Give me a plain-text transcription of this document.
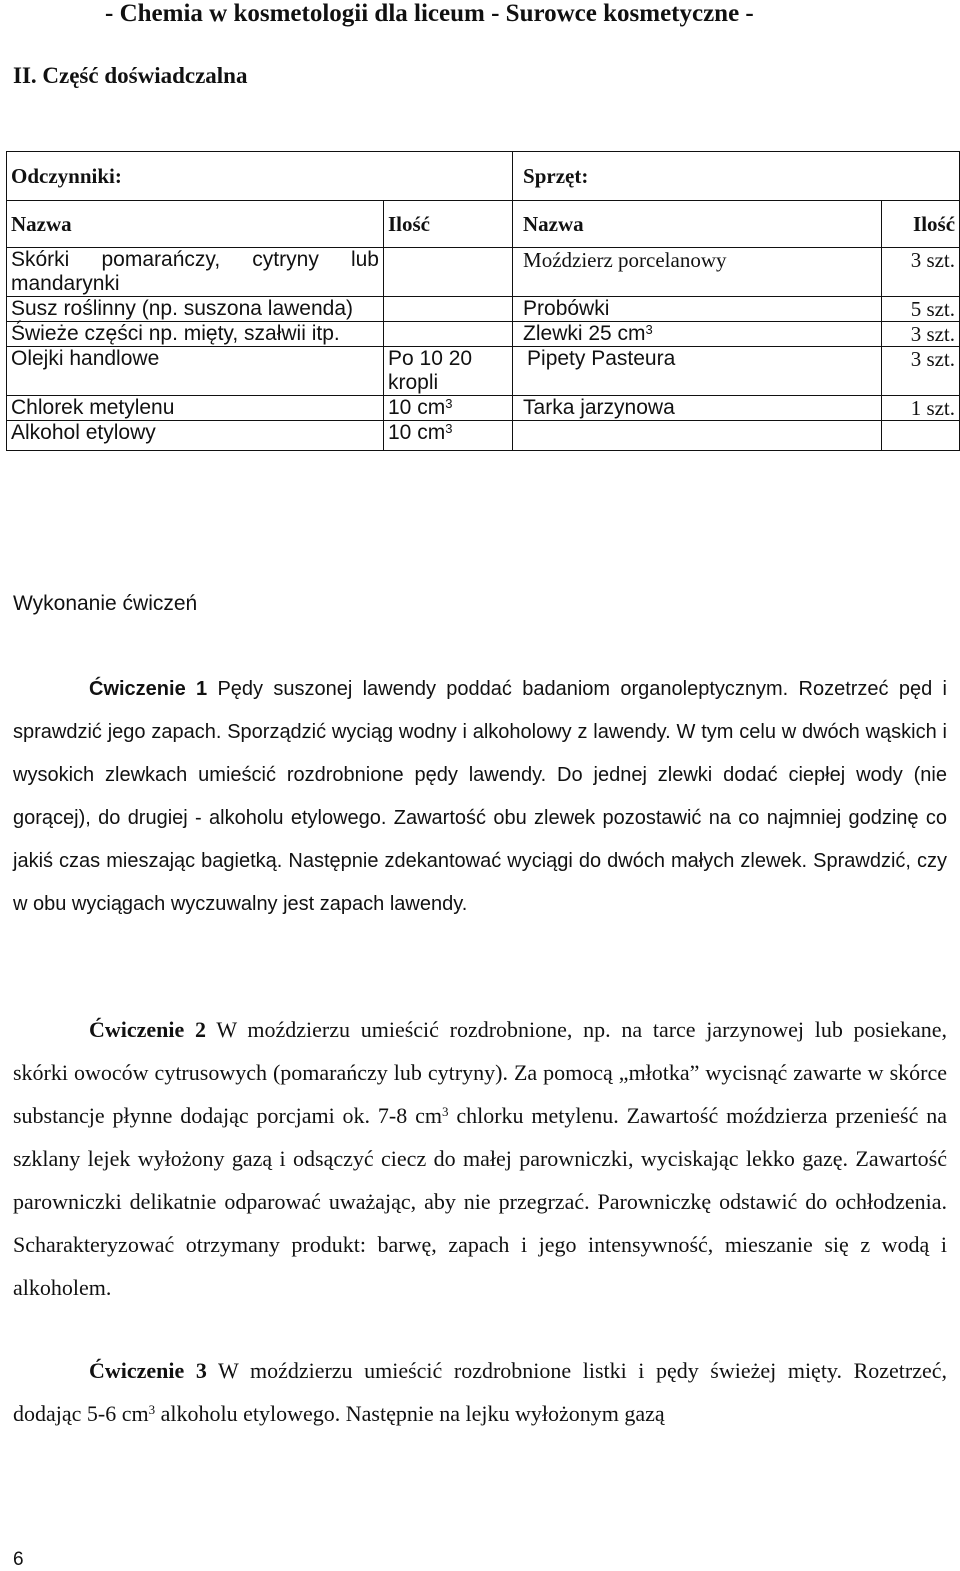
- Chemia w kosmetologii dla liceum - Surowce kosmetyczne -
II. Część doświadczalna
Odczynniki:		Sprzęt:	
Nazwa	Ilość	Nazwa	Ilość
Skórki pomarańczy, cytryny lub mandarynki		Moździerz porcelanowy	3 szt.
Susz roślinny (np. suszona lawenda)		Probówki	5 szt.
Świeże części np. mięty, szałwii itp.		Zlewki 25 $cm^3$	3 szt.
Olejki handlowe	Po 10 20 kropli	Pipety Pasteura	3 szt.
Chlorek metylenu	10 $cm^3$	Tarka jarzynowa	1 szt.
Alkohol etylowy	10 $cm^3$		
Wykonanie ćwiczeń
Ćwiczenie 1 Pędy suszonej lawendy poddać badaniom organoleptycznym. Rozetrzeć pęd i sprawdzić jego zapach. Sporządzić wyciąg wodny i alkoholowy z lawendy. W tym celu w dwóch wąskich i wysokich zlewkach umieścić rozdrobnione pędy lawendy. Do jednej zlewki dodać ciepłej wody (nie gorącej), do drugiej - alkoholu etylowego. Zawartość obu zlewek pozostawić na co najmniej godzinę co jakiś czas mieszając bagietką. Następnie zdekantować wyciągi do dwóch małych zlewek. Sprawdzić, czy w obu wyciągach wyczuwalny jest zapach lawendy.
Ćwiczenie 2 W moździerzu umieścić rozdrobnione, np. na tarce jarzynowej lub posiekane, skórki owoców cytrusowych (pomarańczy lub cytryny). Za pomocą „młotka” wycisnąć zawarte w skórce substancje płynne dodając porcjami ok. 7-8 $cm^3$ chlorku metylenu. Zawartość moździerza przenieść na szklany lejek wyłożony gazą i odsączyć ciecz do małej parowniczki, wyciskając lekko gazę. Zawartość parowniczki delikatnie odparować uważając, aby nie przegrzać. Parowniczkę odstawić do ochłodzenia. Scharakteryzować otrzymany produkt: barwę, zapach i jego intensywność, mieszanie się z wodą i alkoholem.
Ćwiczenie 3 W moździerzu umieścić rozdrobnione listki i pędy świeżej mięty. Rozetrzeć, dodając 5-6 $cm^3$ alkoholu etylowego. Następnie na lejku wyłożonym gazą
6
